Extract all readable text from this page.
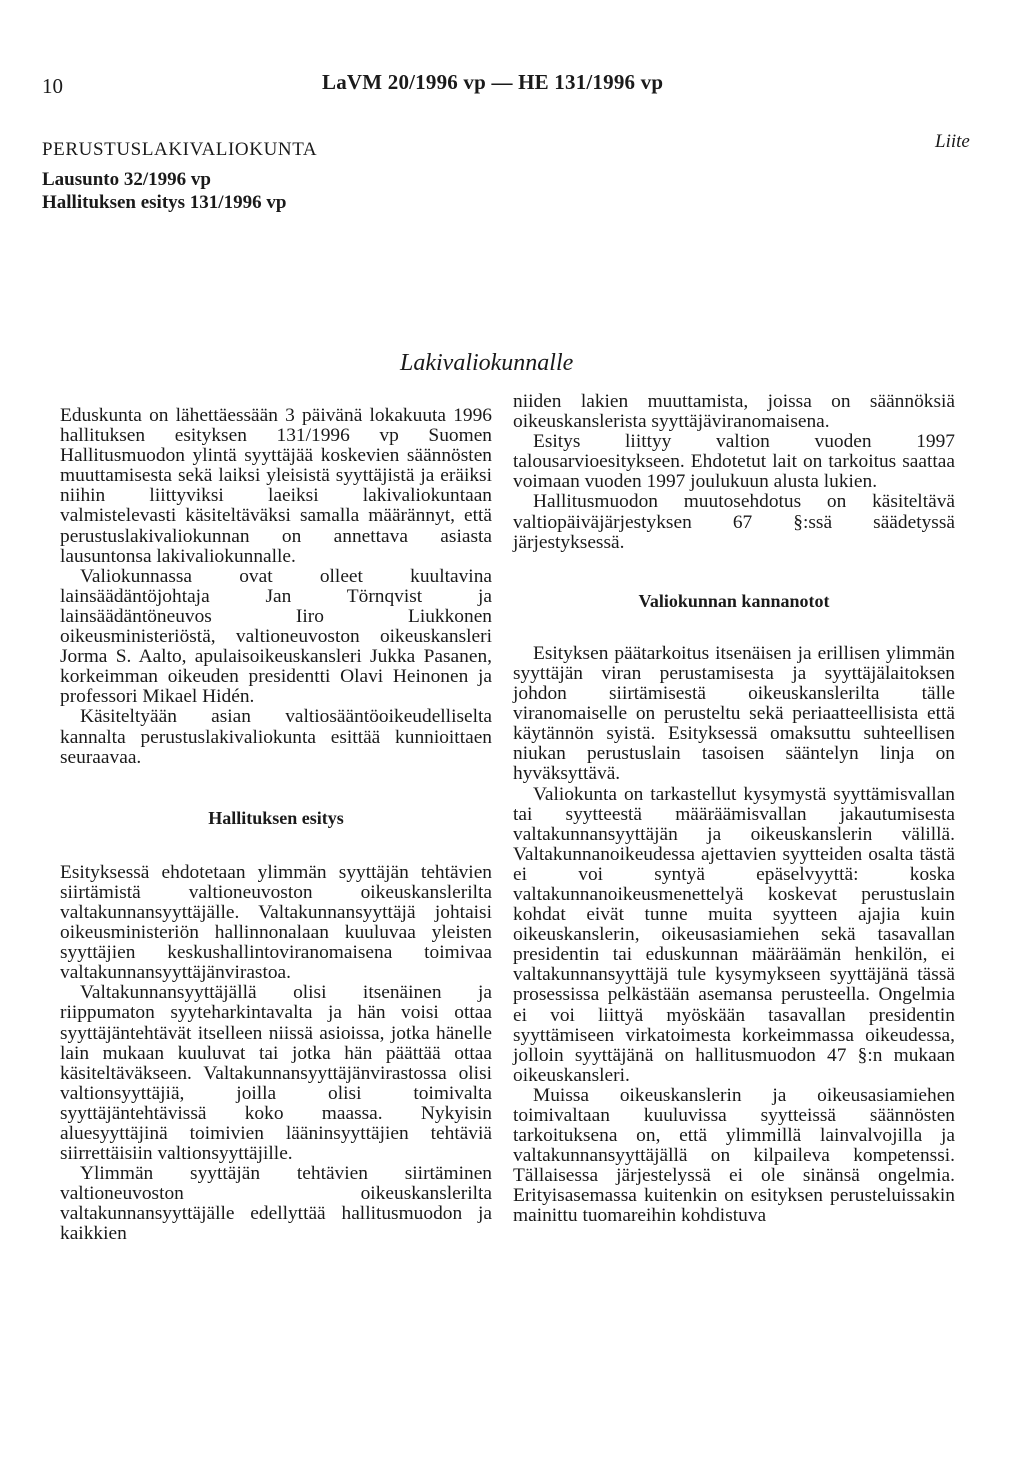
10	LaVM 20/1996 vp — HE 131/1996 vp
PERUSTUSLAKIVALIOKUNTA	Liite
Lausunto 32/1996 vp
Hallituksen esitys 131/1996 vp
Lakivaliokunnalle

Eduskunta on lähettäessään 3 päivänä lokakuuta 1996 hallituksen esityksen 131/1996 vp Suomen Hallitusmuodon ylintä syyttäjää koskevien säännösten muuttamisesta sekä laiksi yleisistä syyttäjistä ja eräiksi niihin liittyviksi laeiksi lakivaliokuntaan valmistelevasti käsiteltäväksi samalla määrännyt, että perustuslakivaliokunnan on annettava asiasta lausuntonsa lakivaliokunnalle.

Valiokunnassa ovat olleet kuultavina lainsäädäntöjohtaja Jan Törnqvist ja lainsäädäntöneuvos Iiro Liukkonen oikeusministeriöstä, valtioneuvoston oikeuskansleri Jorma S. Aalto, apulaisoikeuskansleri Jukka Pasanen, korkeimman oikeuden presidentti Olavi Heinonen ja professori Mikael Hidén.

Käsiteltyään asian valtiosääntöoikeudelliselta kannalta perustuslakivaliokunta esittää kunnioittaen seuraavaa.

Hallituksen esitys

Esityksessä ehdotetaan ylimmän syyttäjän tehtävien siirtämistä valtioneuvoston oikeuskanslerilta valtakunnansyyttäjälle. Valtakunnansyyttäjä johtaisi oikeusministeriön hallinnonalaan kuuluvaa yleisten syyttäjien keskushallintoviranomaisena toimivaa valtakunnansyyttäjänvirastoa.

Valtakunnansyyttäjällä olisi itsenäinen ja riippumaton syyteharkintavalta ja hän voisi ottaa syyttäjäntehtävät itselleen niissä asioissa, jotka hänelle lain mukaan kuuluvat tai jotka hän päättää ottaa käsiteltäväkseen. Valtakunnansyyttäjänvirastossa olisi valtionsyyttäjiä, joilla olisi toimivalta syyttäjäntehtävissä koko maassa. Nykyisin aluesyyttäjinä toimivien lääninsyyttäjien tehtäviä siirrettäisiin valtionsyyttäjille.

Ylimmän syyttäjän tehtävien siirtäminen valtioneuvoston oikeuskanslerilta valtakunnansyyttäjälle edellyttää hallitusmuodon ja kaikkien

niiden lakien muuttamista, joissa on säännöksiä oikeuskanslerista syyttäjäviranomaisena.

Esitys liittyy valtion vuoden 1997 talousarvioesitykseen. Ehdotetut lait on tarkoitus saattaa voimaan vuoden 1997 joulukuun alusta lukien.

Hallitusmuodon muutosehdotus on käsiteltävä valtiopäiväjärjestyksen 67 §:ssä säädetyssä järjestyksessä.

Valiokunnan kannanotot

Esityksen päätarkoitus itsenäisen ja erillisen ylimmän syyttäjän viran perustamisesta ja syyttäjälaitoksen johdon siirtämisestä oikeuskanslerilta tälle viranomaiselle on perusteltu sekä periaatteellisista että käytännön syistä. Esityksessä omaksuttu suhteellisen niukan perustuslain tasoisen sääntelyn linja on hyväksyttävä.

Valiokunta on tarkastellut kysymystä syyttämisvallan tai syytteestä määräämisvallan jakautumisesta valtakunnansyyttäjän ja oikeuskanslerin välillä. Valtakunnanoikeudessa ajettavien syytteiden osalta tästä ei voi syntyä epäselvyyttä: koska valtakunnanoikeusmenettelyä koskevat perustuslain kohdat eivät tunne muita syytteen ajajia kuin oikeuskanslerin, oikeusasiamiehen sekä tasavallan presidentin tai eduskunnan määräämän henkilön, ei valtakunnansyyttäjä tule kysymykseen syyttäjänä tässä prosessissa pelkästään asemansa perusteella. Ongelmia ei voi liittyä myöskään tasavallan presidentin syyttämiseen virkatoimesta korkeimmassa oikeudessa, jolloin syyttäjänä on hallitusmuodon 47 §:n mukaan oikeuskansleri.

Muissa oikeuskanslerin ja oikeusasiamiehen toimivaltaan kuuluvissa syytteissä säännösten tarkoituksena on, että ylimmillä lainvalvojilla ja valtakunnansyyttäjällä on kilpaileva kompetenssi. Tällaisessa järjestelyssä ei ole sinänsä ongelmia. Erityisasemassa kuitenkin on esityksen perusteluissakin mainittu tuomareihin kohdistuva
